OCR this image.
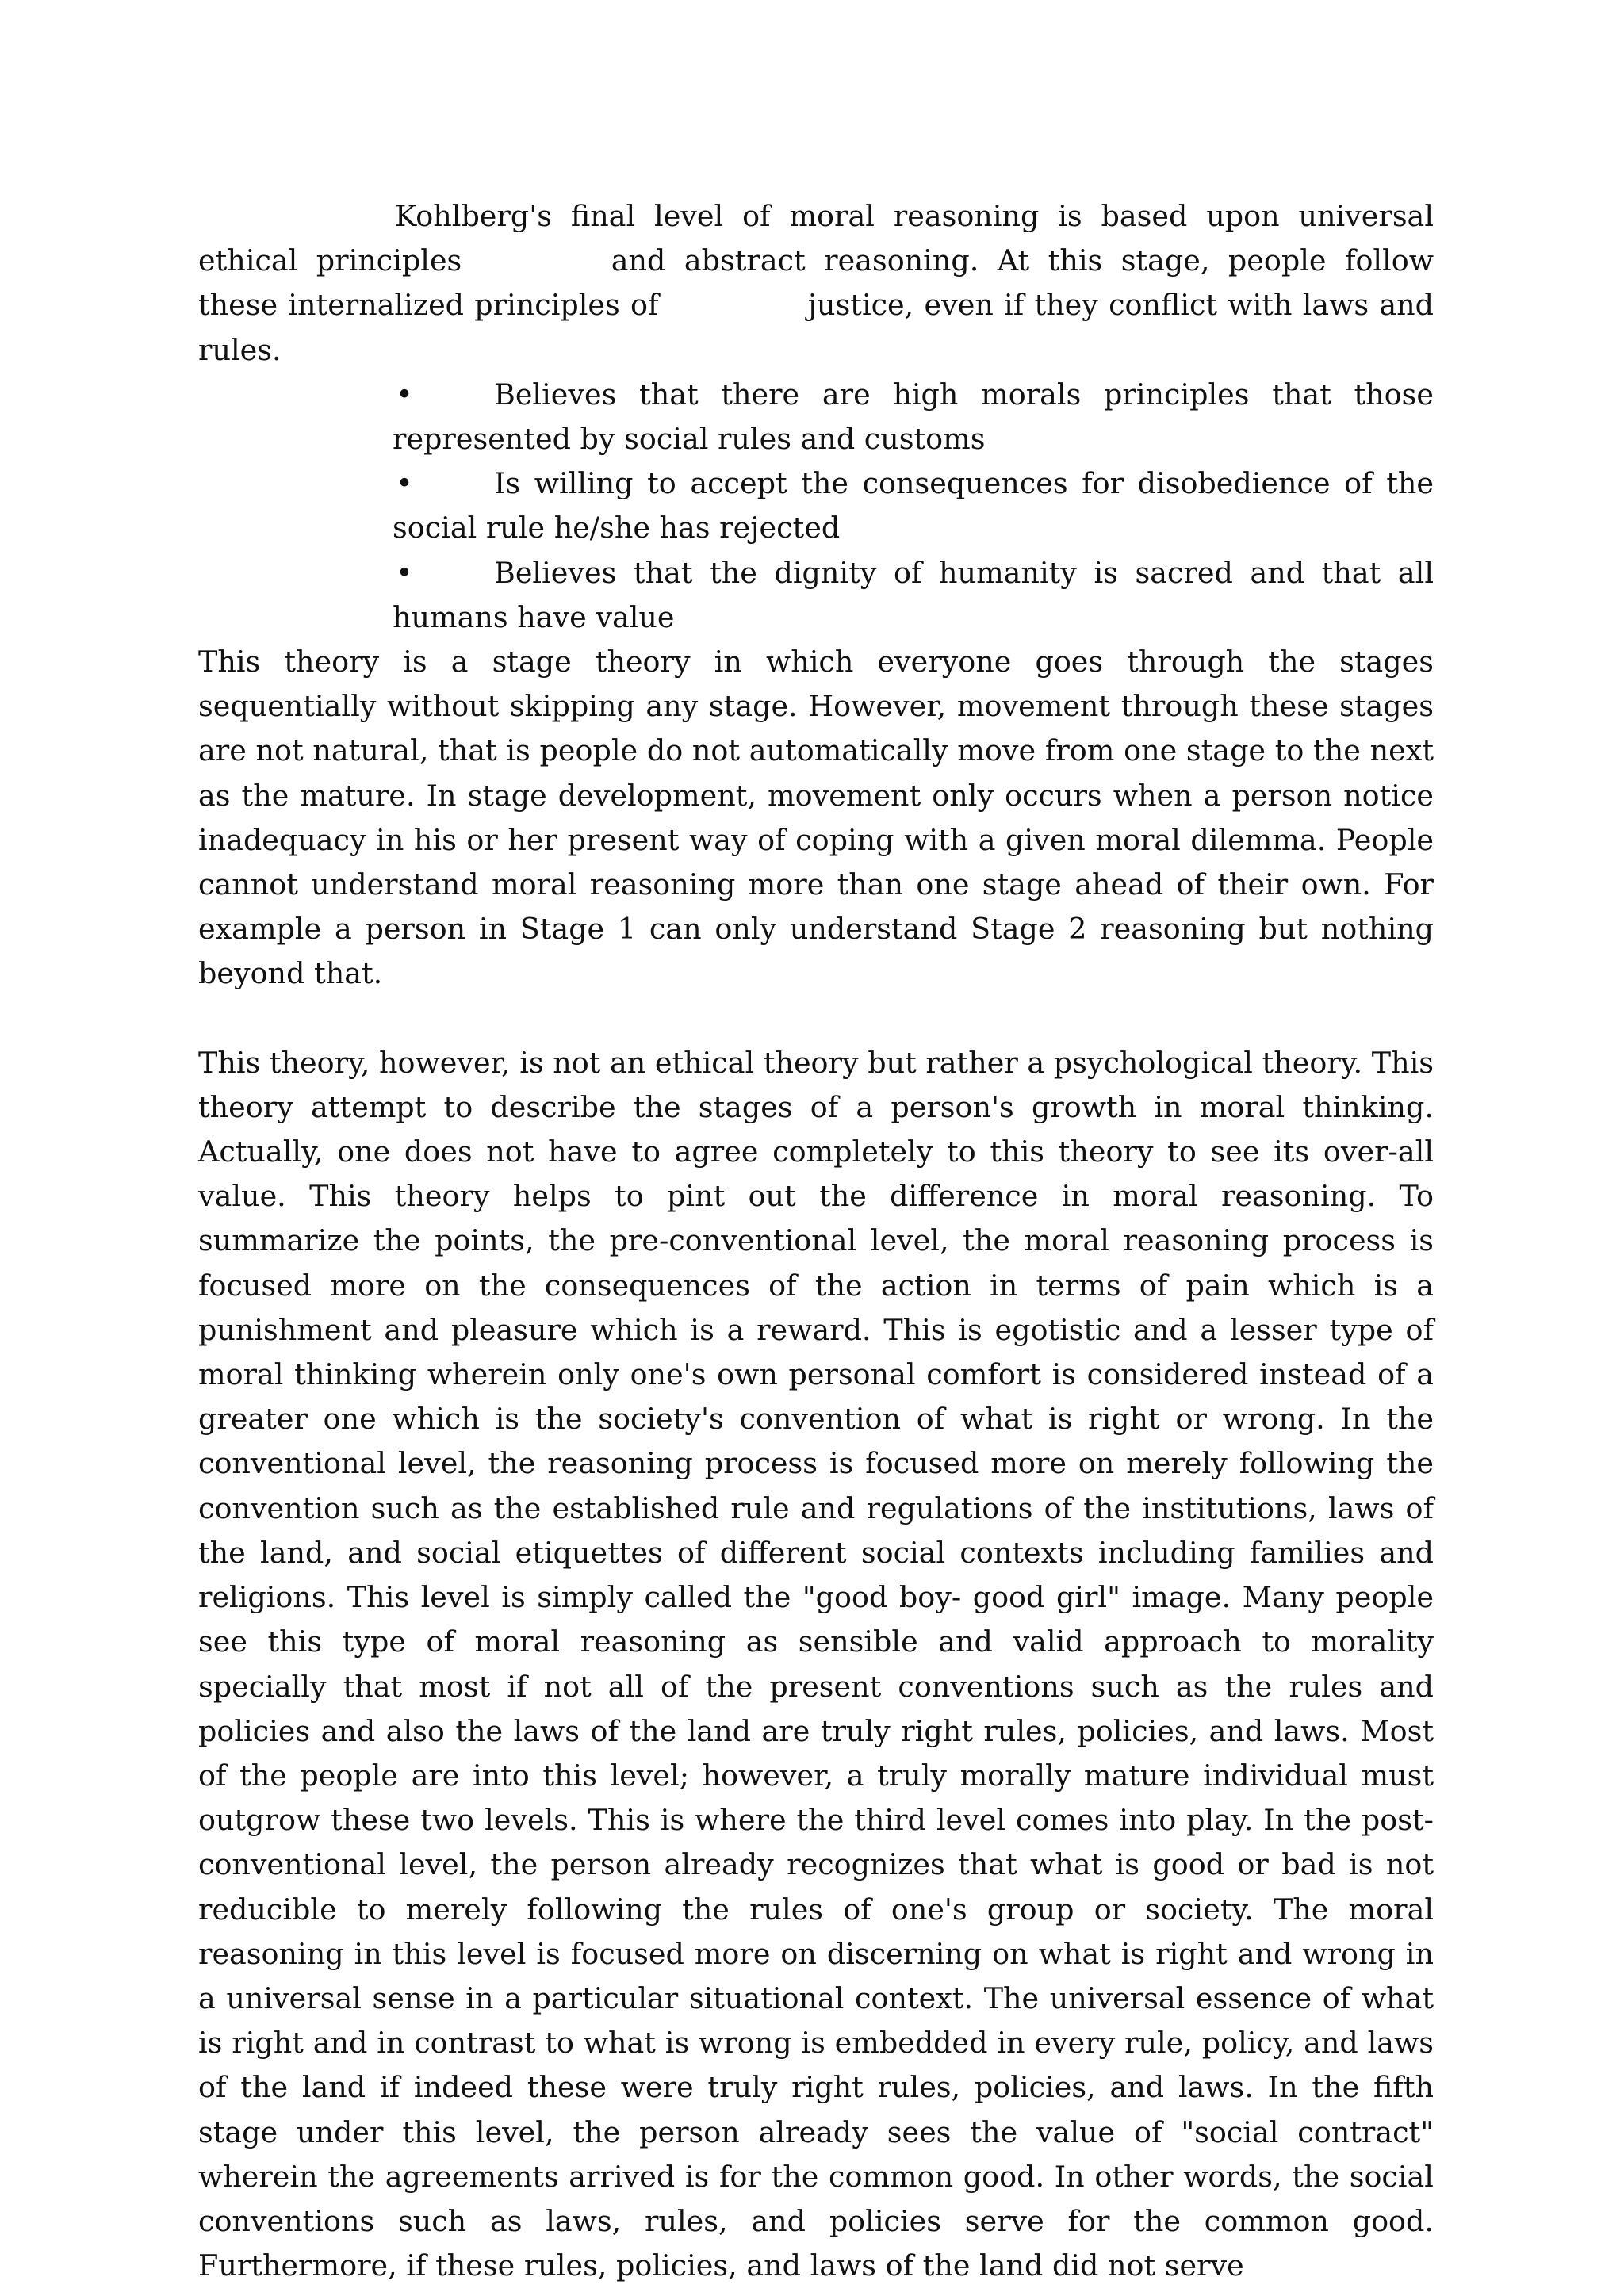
Kohlberg's final level of moral reasoning is based upon universal ethical principles	and abstract reasoning. At this stage, people follow these internalized principles of	justice, even if they conflict with laws and rules.

•	Believes that there are high morals principles that those represented by social rules and customs
•	Is willing to accept the consequences for disobedience of the social rule he/she has rejected
•	Believes that the dignity of humanity is sacred and that all humans have value

This theory is a stage theory in which everyone goes through the stages sequentially without skipping any stage. However, movement through these stages are not natural, that is people do not automatically move from one stage to the next as the mature. In stage development, movement only occurs when a person notice inadequacy in his or her present way of coping with a given moral dilemma. People cannot understand moral reasoning more than one stage ahead of their own. For example a person in Stage 1 can only understand Stage 2 reasoning but nothing beyond that.

This theory, however, is not an ethical theory but rather a psychological theory. This theory attempt to describe the stages of a person's growth in moral thinking. Actually, one does not have to agree completely to this theory to see its over-all value. This theory helps to pint out the difference in moral reasoning. To summarize the points, the pre-conventional level, the moral reasoning process is focused more on the consequences of the action in terms of pain which is a punishment and pleasure which is a reward. This is egotistic and a lesser type of moral thinking wherein only one's own personal comfort is considered instead of a greater one which is the society's convention of what is right or wrong. In the conventional level, the reasoning process is focused more on merely following the convention such as the established rule and regulations of the institutions, laws of the land, and social etiquettes of different social contexts including families and religions. This level is simply called the "good boy- good girl" image. Many people see this type of moral reasoning as sensible and valid approach to morality specially that most if not all of the present conventions such as the rules and policies and also the laws of the land are truly right rules, policies, and laws. Most of the people are into this level; however, a truly morally mature individual must outgrow these two levels. This is where the third level comes into play. In the post-conventional level, the person already recognizes that what is good or bad is not reducible to merely following the rules of one's group or society. The moral reasoning in this level is focused more on discerning on what is right and wrong in a universal sense in a particular situational context. The universal essence of what is right and in contrast to what is wrong is embedded in every rule, policy, and laws of the land if indeed these were truly right rules, policies, and laws. In the fifth stage under this level, the person already sees the value of "social contract" wherein the agreements arrived is for the common good. In other words, the social conventions such as laws, rules, and policies serve for the common good. Furthermore, if these rules, policies, and laws of the land did not serve
